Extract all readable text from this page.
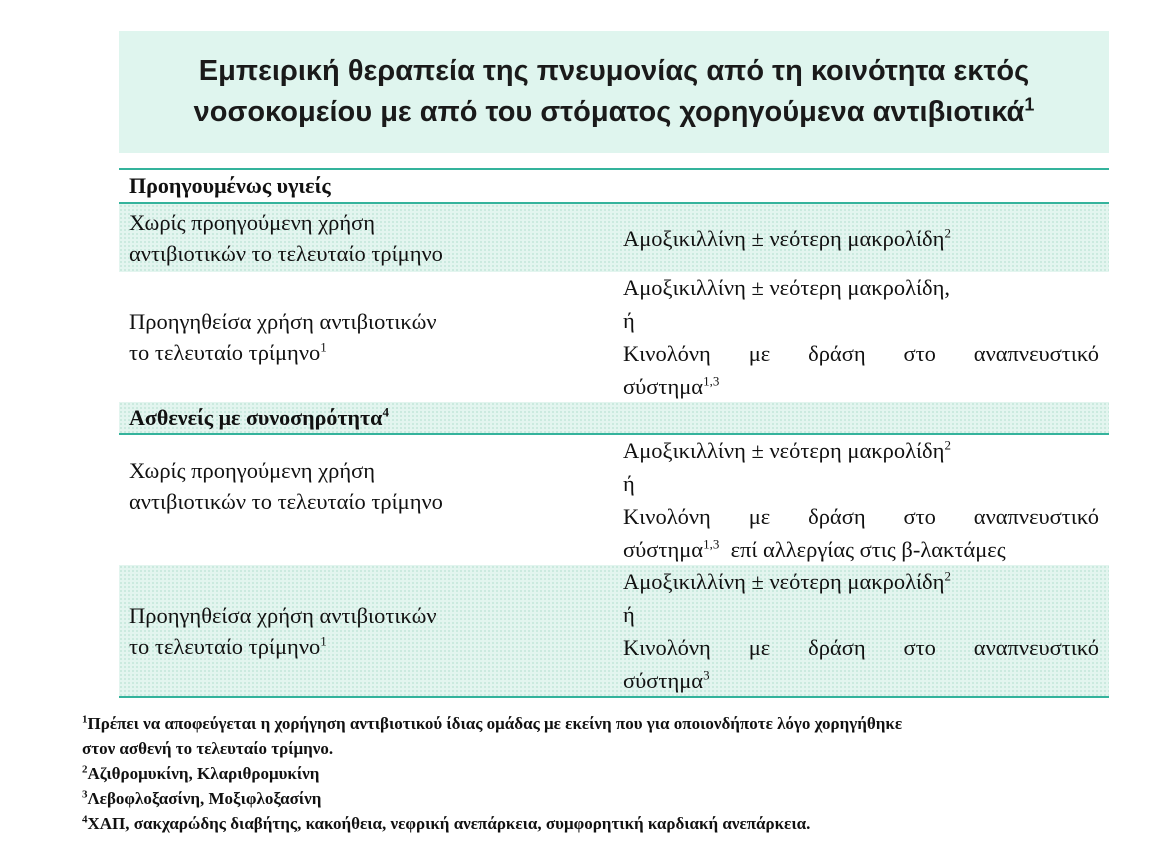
Εμπειρική θεραπεία της πνευμονίας από τη κοινότητα εκτός
νοσοκομείου με από του στόματος χορηγούμενα αντιβιοτικά$^1$
Προηγουμένως υγιείς
Χωρίς προηγούμενη χρήση
αντιβιοτικών το τελευταίο τρίμηνο
Αμοξικιλλίνη ± νεότερη μακρολίδη$^2$
Προηγηθείσα χρήση αντιβιοτικών
το τελευταίο τρίμηνο$^1$
Αμοξικιλλίνη ± νεότερη μακρολίδη,
ή
Κινολόνη με δράση στο αναπνευστικό
σύστημα$^{1,3}$
Ασθενείς με συνοσηρότητα$^4$
Χωρίς προηγούμενη χρήση
αντιβιοτικών το τελευταίο τρίμηνο
Αμοξικιλλίνη ± νεότερη μακρολίδη$^2$
ή
Κινολόνη με δράση στο αναπνευστικό
σύστημα$^{1,3}$  επί αλλεργίας στις β-λακτάμες
Προηγηθείσα χρήση αντιβιοτικών
το τελευταίο τρίμηνο$^1$
Αμοξικιλλίνη ± νεότερη μακρολίδη$^2$
ή
Κινολόνη με δράση στο αναπνευστικό
σύστημα$^3$
$^1$Πρέπει να αποφεύγεται η χορήγηση αντιβιοτικού ίδιας ομάδας με εκείνη που για οποιονδήποτε λόγο χορηγήθηκε
στον ασθενή το τελευταίο τρίμηνο.
$^2$Αζιθρομυκίνη, Κλαριθρομυκίνη
$^3$Λεβοφλοξασίνη, Μοξιφλοξασίνη
$^4$ΧΑΠ, σακχαρώδης διαβήτης, κακοήθεια, νεφρική ανεπάρκεια, συμφορητική καρδιακή ανεπάρκεια.
